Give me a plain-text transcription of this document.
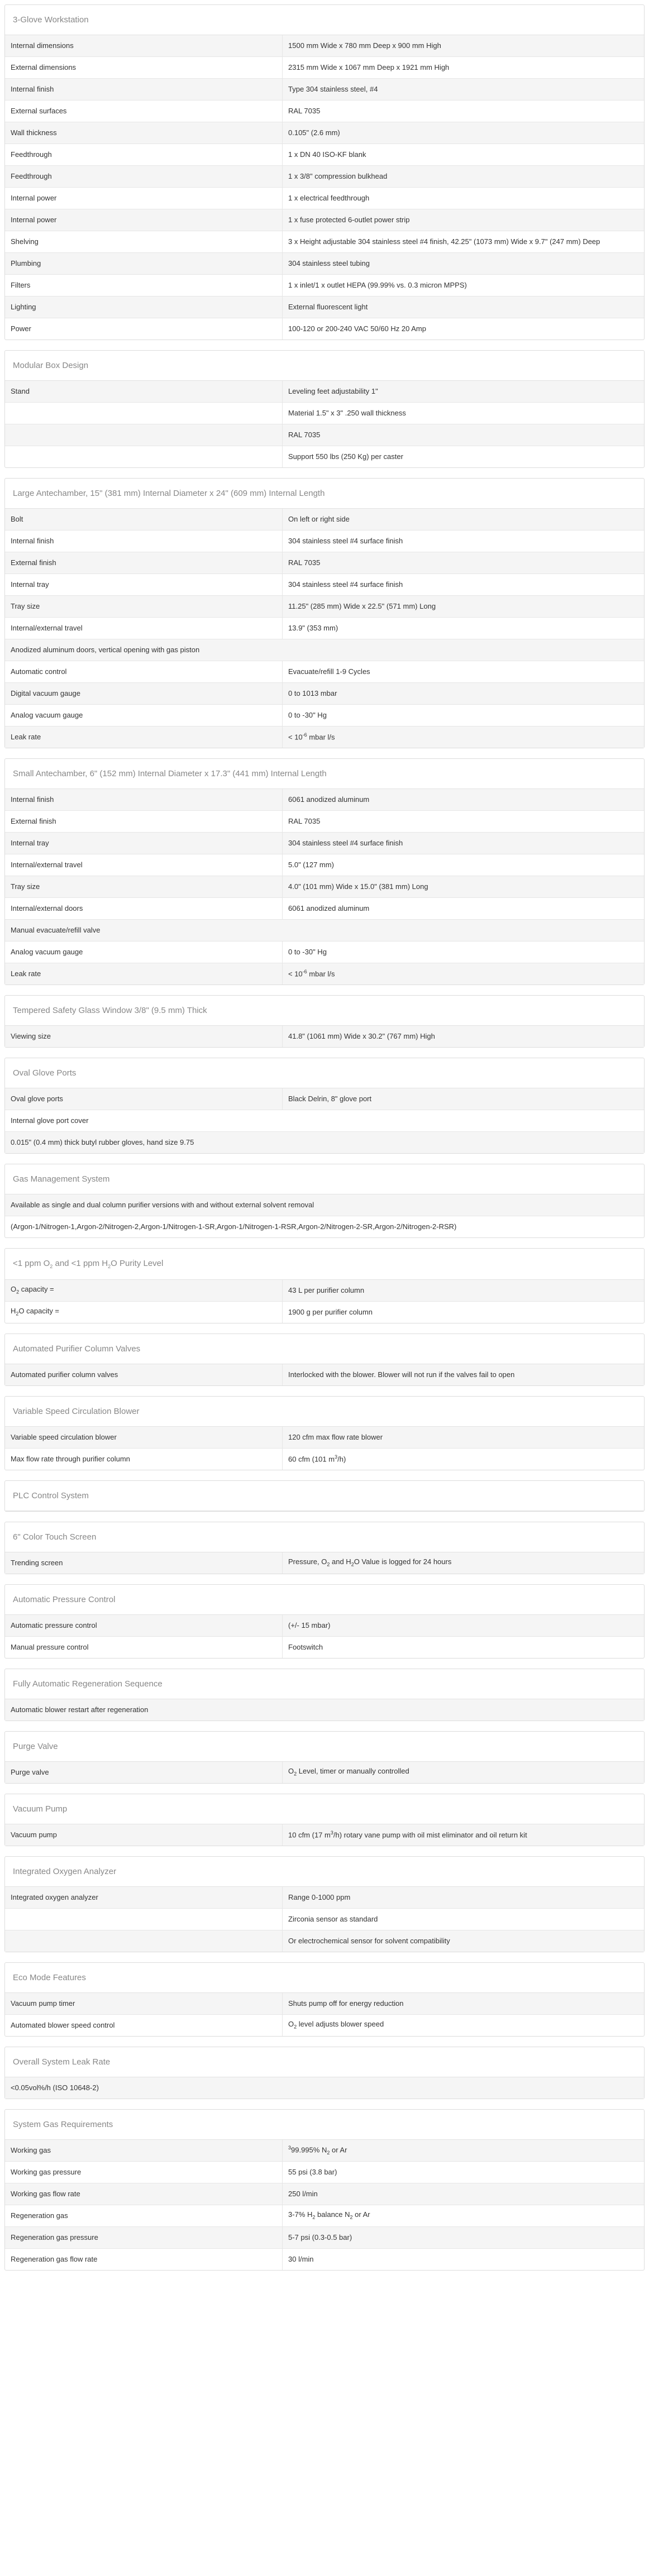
3-Glove Workstation
Internal dimensions	1500 mm Wide x 780 mm Deep x 900 mm High
External dimensions	2315 mm Wide x 1067 mm Deep x 1921 mm High
Internal finish	Type 304 stainless steel, #4
External surfaces	RAL 7035
Wall thickness	0.105" (2.6 mm)
Feedthrough	1 x DN 40 ISO-KF blank
Feedthrough	1 x 3/8" compression bulkhead
Internal power	1 x electrical feedthrough
Internal power	1 x fuse protected 6-outlet power strip
Shelving	3 x Height adjustable 304 stainless steel #4 finish, 42.25" (1073 mm) Wide x 9.7" (247 mm) Deep
Plumbing	304 stainless steel tubing
Filters	1 x inlet/1 x outlet HEPA (99.99% vs. 0.3 micron MPPS)
Lighting	External fluorescent light
Power	100-120 or 200-240 VAC 50/60 Hz 20 Amp
Modular Box Design
Stand	Leveling feet adjustability 1"
	Material 1.5" x 3" .250 wall thickness
	RAL 7035
	Support 550 lbs (250 Kg) per caster
Large Antechamber, 15" (381 mm) Internal Diameter x 24" (609 mm) Internal Length
Bolt	On left or right side
Internal finish	304 stainless steel #4 surface finish
External finish	RAL 7035
Internal tray	304 stainless steel #4 surface finish
Tray size	11.25" (285 mm) Wide x 22.5" (571 mm) Long
Internal/external travel	13.9" (353 mm)
Anodized aluminum doors, vertical opening with gas piston	
Automatic control	Evacuate/refill 1-9 Cycles
Digital vacuum gauge	0 to 1013 mbar
Analog vacuum gauge	0 to -30" Hg
Leak rate	< $10^{-6}$ mbar l/s
Small Antechamber, 6" (152 mm) Internal Diameter x 17.3" (441 mm) Internal Length
Internal finish	6061 anodized aluminum
External finish	RAL 7035
Internal tray	304 stainless steel #4 surface finish
Internal/external travel	5.0" (127 mm)
Tray size	4.0" (101 mm) Wide x 15.0" (381 mm) Long
Internal/external doors	6061 anodized aluminum
Manual evacuate/refill valve	
Analog vacuum gauge	0 to -30" Hg
Leak rate	< $10^{-6}$ mbar l/s
Tempered Safety Glass Window 3/8" (9.5 mm) Thick
Viewing size	41.8" (1061 mm) Wide x 30.2" (767 mm) High
Oval Glove Ports
Oval glove ports	Black Delrin, 8" glove port
Internal glove port cover
0.015" (0.4 mm) thick butyl rubber gloves, hand size 9.75
Gas Management System
Available as single and dual column purifier versions with and without external solvent removal
(Argon-1/Nitrogen-1,Argon-2/Nitrogen-2,Argon-1/Nitrogen-1-SR,Argon-1/Nitrogen-1-RSR,Argon-2/Nitrogen-2-SR,Argon-2/Nitrogen-2-RSR)
<1 ppm $O_2$ and <1 ppm $H_2O$ Purity Level
$O_2$ capacity =	43 L per purifier column
$H_2O$ capacity =	1900 g per purifier column
Automated Purifier Column Valves
Automated purifier column valves	Interlocked with the blower. Blower will not run if the valves fail to open
Variable Speed Circulation Blower
Variable speed circulation blower	120 cfm max flow rate blower
Max flow rate through purifier column	60 cfm (101 $m^3/h$)
PLC Control System
6" Color Touch Screen
Trending screen	Pressure, $O_2$ and $H_2O$ Value is logged for 24 hours
Automatic Pressure Control
Automatic pressure control	(+/- 15 mbar)
Manual pressure control	Footswitch
Fully Automatic Regeneration Sequence
Automatic blower restart after regeneration
Purge Valve
Purge valve	$O_2$ Level, timer or manually controlled
Vacuum Pump
Vacuum pump	10 cfm (17 $m^3/h$) rotary vane pump with oil mist eliminator and oil return kit
Integrated Oxygen Analyzer
Integrated oxygen analyzer	Range 0-1000 ppm
	Zirconia sensor as standard
	Or electrochemical sensor for solvent compatibility
Eco Mode Features
Vacuum pump timer	Shuts pump off for energy reduction
Automated blower speed control	$O_2$ level adjusts blower speed
Overall System Leak Rate
<0.05vol%/h (ISO 10648-2)
System Gas Requirements
Working gas	$^3$99.995% $N_2$ or Ar
Working gas pressure	55 psi (3.8 bar)
Working gas flow rate	250 l/min
Regeneration gas	3-7% $H_2$ balance $N_2$ or Ar
Regeneration gas pressure	5-7 psi (0.3-0.5 bar)
Regeneration gas flow rate	30 l/min
